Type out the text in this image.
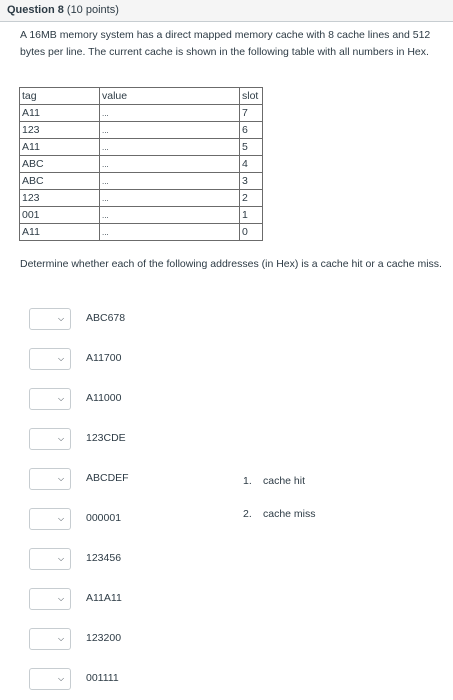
Question 8 (10 points)
A 16MB memory system has a direct mapped memory cache with 8 cache lines and 512 bytes per line. The current cache is shown in the following table with all numbers in Hex.
tag	value	slot
A11	...	7
123	...	6
A11	...	5
ABC	...	4
ABC	...	3
123	...	2
001	...	1
A11	...	0
Determine whether each of the following addresses (in Hex) is a cache hit or a cache miss.
⌵ ABC678
⌵ A11700
⌵ A11000
⌵ 123CDE
⌵ ABCDEF
⌵ 000001
⌵ 123456
⌵ A11A11
⌵ 123200
⌵ 001111
1. cache hit
2. cache miss
